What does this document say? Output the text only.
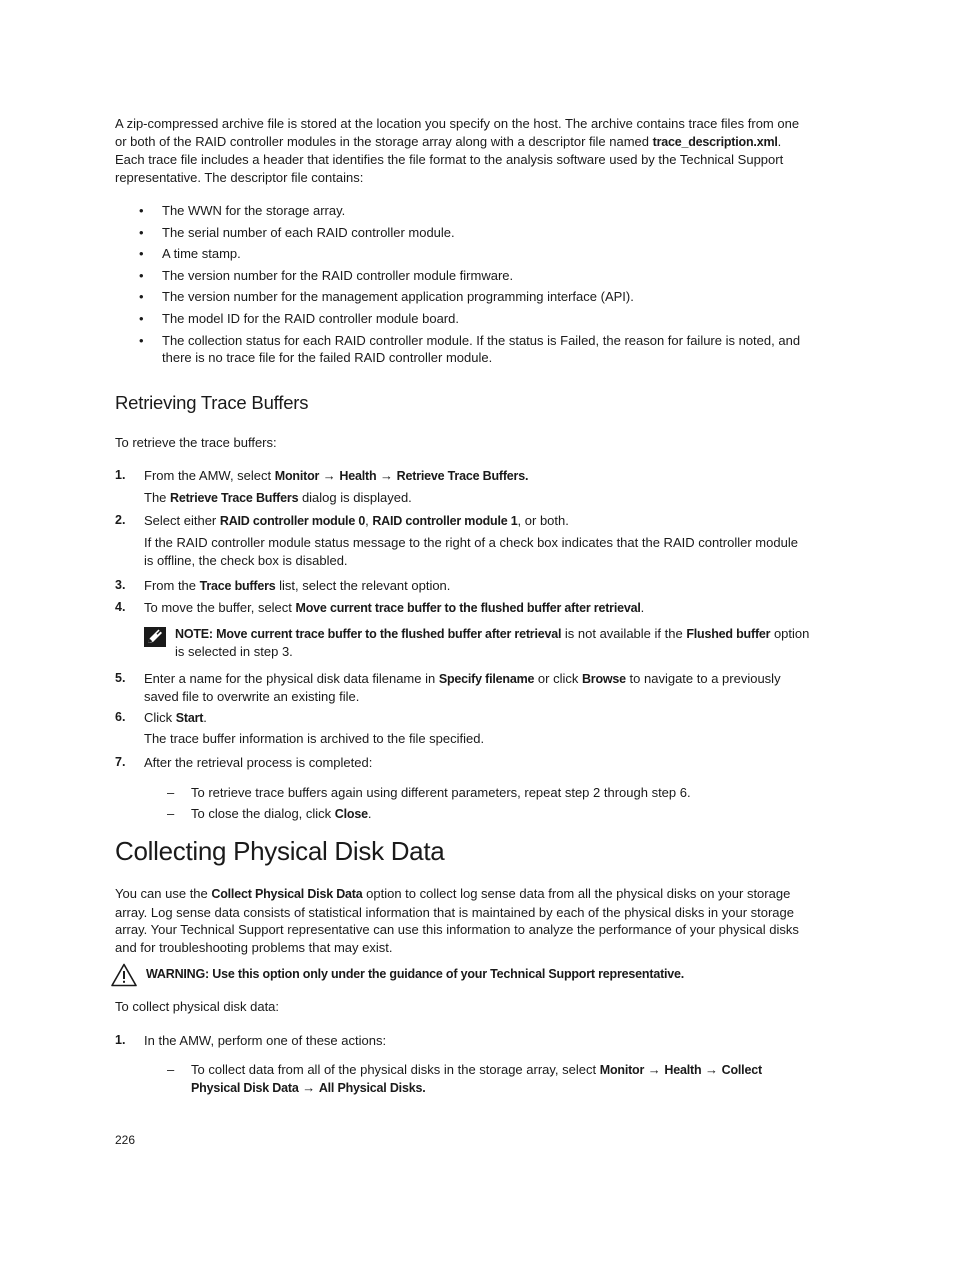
A zip-compressed archive file is stored at the location you specify on the host. The archive contains trace files from one or both of the RAID controller modules in the storage array along with a descriptor file named trace_description.xml. Each trace file includes a header that identifies the file format to the analysis software used by the Technical Support representative. The descriptor file contains:

• The WWN for the storage array.
• The serial number of each RAID controller module.
• A time stamp.
• The version number for the RAID controller module firmware.
• The version number for the management application programming interface (API).
• The model ID for the RAID controller module board.
• The collection status for each RAID controller module. If the status is Failed, the reason for failure is noted, and there is no trace file for the failed RAID controller module.
Retrieving Trace Buffers

To retrieve the trace buffers:

1. From the AMW, select Monitor → Health → Retrieve Trace Buffers.

The Retrieve Trace Buffers dialog is displayed.

2. Select either RAID controller module 0, RAID controller module 1, or both.

If the RAID controller module status message to the right of a check box indicates that the RAID controller module is offline, the check box is disabled.

3. From the Trace buffers list, select the relevant option.
4. To move the buffer, select Move current trace buffer to the flushed buffer after retrieval.

NOTE: Move current trace buffer to the flushed buffer after retrieval is not available if the Flushed buffer option is selected in step 3.

5. Enter a name for the physical disk data filename in Specify filename or click Browse to navigate to a previously saved file to overwrite an existing file.
6. Click Start.

The trace buffer information is archived to the file specified.

7. After the retrieval process is completed:
– To retrieve trace buffers again using different parameters, repeat step 2 through step 6.
– To close the dialog, click Close.
Collecting Physical Disk Data

You can use the Collect Physical Disk Data option to collect log sense data from all the physical disks on your storage array. Log sense data consists of statistical information that is maintained by each of the physical disks in your storage array. Your Technical Support representative can use this information to analyze the performance of your physical disks and for troubleshooting problems that may exist.

WARNING: Use this option only under the guidance of your Technical Support representative.

To collect physical disk data:

1. In the AMW, perform one of these actions:
– To collect data from all of the physical disks in the storage array, select Monitor → Health → Collect Physical Disk Data → All Physical Disks.
226
